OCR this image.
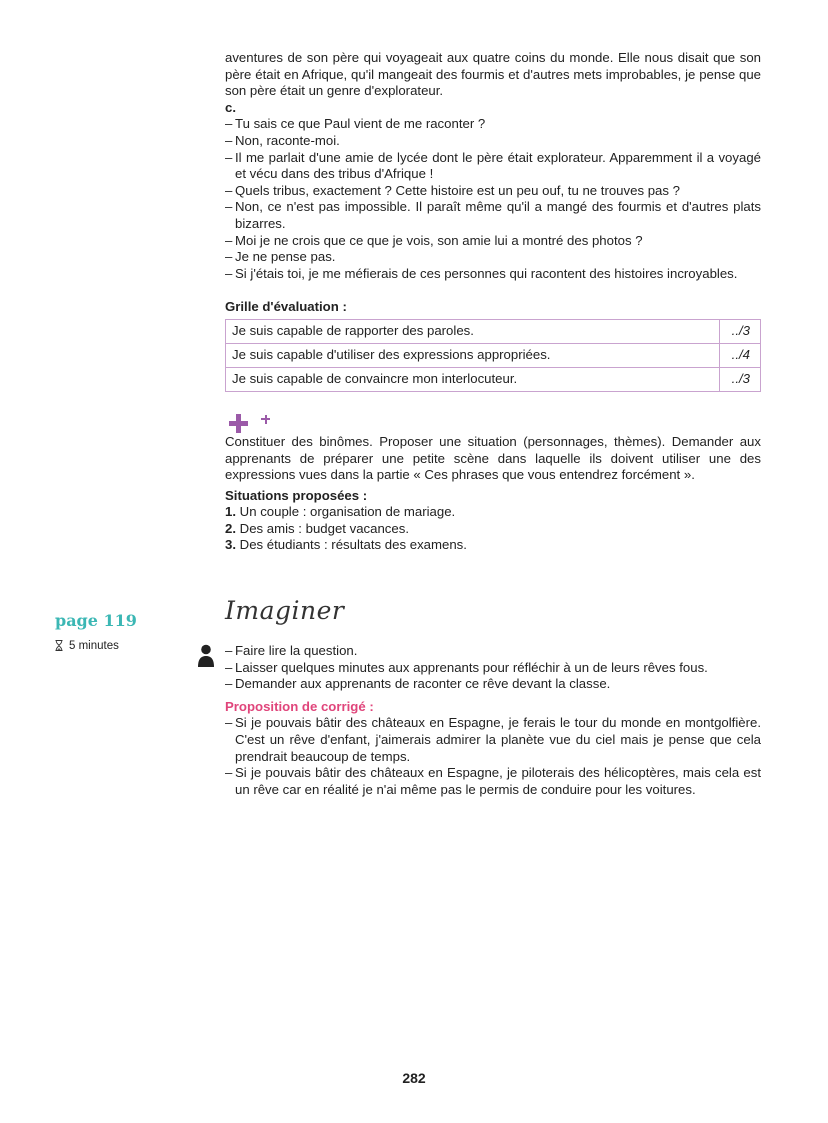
aventures de son père qui voyageait aux quatre coins du monde. Elle nous disait que son père était en Afrique, qu'il mangeait des fourmis et d'autres mets improbables, je pense que son père était un genre d'explorateur.

c.
– Tu sais ce que Paul vient de me raconter ?
– Non, raconte-moi.
– Il me parlait d'une amie de lycée dont le père était explorateur. Apparemment il a voyagé et vécu dans des tribus d'Afrique !
– Quels tribus, exactement ? Cette histoire est un peu ouf, tu ne trouves pas ?
– Non, ce n'est pas impossible. Il paraît même qu'il a mangé des fourmis et d'autres plats bizarres.
– Moi je ne crois que ce que je vois, son amie lui a montré des photos ?
– Je ne pense pas.
– Si j'étais toi, je me méfierais de ces personnes qui racontent des histoires incroyables.
Grille d'évaluation :
Je suis capable de rapporter des paroles.	../3
Je suis capable d'utiliser des expressions appropriées.	../4
Je suis capable de convaincre mon interlocuteur.	../3

Constituer des binômes. Proposer une situation (personnages, thèmes). Demander aux apprenants de préparer une petite scène dans laquelle ils doivent utiliser une des expressions vues dans la partie « Ces phrases que vous entendrez forcément ».

Situations proposées :
1. Un couple : organisation de mariage.
2. Des amis : budget vacances.
3. Des étudiants : résultats des examens.
page 119
5 minutes
Imaginer
– Faire lire la question.
– Laisser quelques minutes aux apprenants pour réfléchir à un de leurs rêves fous.
– Demander aux apprenants de raconter ce rêve devant la classe.
Proposition de corrigé :
– Si je pouvais bâtir des châteaux en Espagne, je ferais le tour du monde en montgolfière. C'est un rêve d'enfant, j'aimerais admirer la planète vue du ciel mais je pense que cela prendrait beaucoup de temps.
– Si je pouvais bâtir des châteaux en Espagne, je piloterais des hélicoptères, mais cela est un rêve car en réalité je n'ai même pas le permis de conduire pour les voitures.
282
